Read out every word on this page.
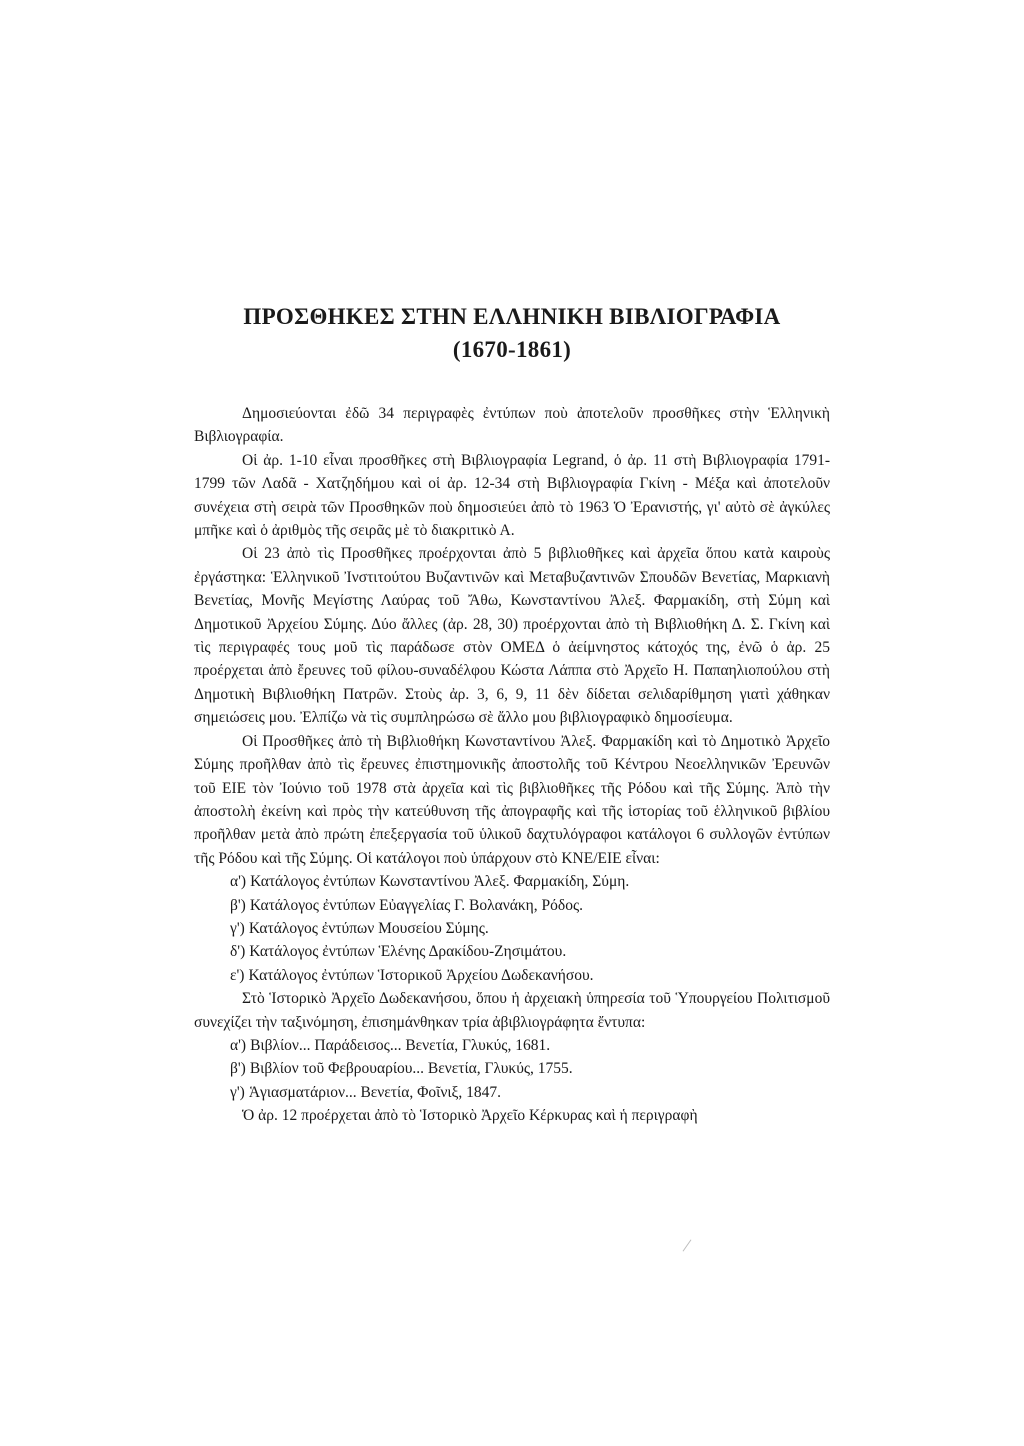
ΠΡΟΣΘΗΚΕΣ ΣΤΗΝ ΕΛΛΗΝΙΚΗ ΒΙΒΛΙΟΓΡΑΦΙΑ
(1670-1861)

Δημοσιεύονται ἐδῶ 34 περιγραφὲς ἐντύπων ποὺ ἀποτελοῦν προσθῆκες στὴν Ἑλληνικὴ Βιβλιογραφία.

Οἱ ἀρ. 1-10 εἶναι προσθῆκες στὴ Βιβλιογραφία Legrand, ὁ ἀρ. 11 στὴ Βιβλιογραφία 1791-1799 τῶν Λαδᾶ - Χατζηδήμου καὶ οἱ ἀρ. 12-34 στὴ Βιβλιογραφία Γκίνη - Μέξα καὶ ἀποτελοῦν συνέχεια στὴ σειρὰ τῶν Προσθηκῶν ποὺ δημοσιεύει ἀπὸ τὸ 1963 Ὁ Ἐρανιστής, γι' αὐτὸ σὲ ἀγκύλες μπῆκε καὶ ὁ ἀριθμὸς τῆς σειρᾶς μὲ τὸ διακριτικὸ Α.

Οἱ 23 ἀπὸ τὶς Προσθῆκες προέρχονται ἀπὸ 5 βιβλιοθῆκες καὶ ἀρχεῖα ὅπου κατὰ καιροὺς ἐργάστηκα: Ἑλληνικοῦ Ἰνστιτούτου Βυζαντινῶν καὶ Μεταβυζαντινῶν Σπουδῶν Βενετίας, Μαρκιανὴ Βενετίας, Μονῆς Μεγίστης Λαύρας τοῦ Ἄθω, Κωνσταντίνου Ἀλεξ. Φαρμακίδη, στὴ Σύμη καὶ Δημοτικοῦ Ἀρχείου Σύμης. Δύο ἄλλες (ἀρ. 28, 30) προέρχονται ἀπὸ τὴ Βιβλιοθήκη Δ. Σ. Γκίνη καὶ τὶς περιγραφές τους μοῦ τὶς παράδωσε στὸν ΟΜΕΔ ὁ ἀείμνηστος κάτοχός της, ἐνῶ ὁ ἀρ. 25 προέρχεται ἀπὸ ἔρευνες τοῦ φίλου-συναδέλφου Κώστα Λάππα στὸ Ἀρχεῖο Η. Παπαηλιοπούλου στὴ Δημοτικὴ Βιβλιοθήκη Πατρῶν. Στοὺς ἀρ. 3, 6, 9, 11 δὲν δίδεται σελιδαρίθμηση γιατὶ χάθηκαν σημειώσεις μου. Ἐλπίζω νὰ τὶς συμπληρώσω σὲ ἄλλο μου βιβλιογραφικὸ δημοσίευμα.

Οἱ Προσθῆκες ἀπὸ τὴ Βιβλιοθήκη Κωνσταντίνου Ἀλεξ. Φαρμακίδη καὶ τὸ Δημοτικὸ Ἀρχεῖο Σύμης προῆλθαν ἀπὸ τὶς ἔρευνες ἐπιστημονικῆς ἀποστολῆς τοῦ Κέντρου Νεοελληνικῶν Ἐρευνῶν τοῦ ΕΙΕ τὸν Ἰούνιο τοῦ 1978 στὰ ἀρχεῖα καὶ τὶς βιβλιοθῆκες τῆς Ρόδου καὶ τῆς Σύμης. Ἀπὸ τὴν ἀποστολὴ ἐκείνη καὶ πρὸς τὴν κατεύθυνση τῆς ἀπογραφῆς καὶ τῆς ἱστορίας τοῦ ἑλληνικοῦ βιβλίου προῆλθαν μετὰ ἀπὸ πρώτη ἐπεξεργασία τοῦ ὑλικοῦ δαχτυλόγραφοι κατάλογοι 6 συλλογῶν ἐντύπων τῆς Ρόδου καὶ τῆς Σύμης. Οἱ κατάλογοι ποὺ ὑπάρχουν στὸ ΚΝΕ/ΕΙΕ εἶναι:

α') Κατάλογος ἐντύπων Κωνσταντίνου Ἀλεξ. Φαρμακίδη, Σύμη.
β') Κατάλογος ἐντύπων Εὐαγγελίας Γ. Βολανάκη, Ρόδος.
γ') Κατάλογος ἐντύπων Μουσείου Σύμης.
δ') Κατάλογος ἐντύπων Ἑλένης Δρακίδου-Ζησιμάτου.
ε') Κατάλογος ἐντύπων Ἱστορικοῦ Ἀρχείου Δωδεκανήσου.

Στὸ Ἱστορικὸ Ἀρχεῖο Δωδεκανήσου, ὅπου ἡ ἀρχειακὴ ὑπηρεσία τοῦ Ὑπουργείου Πολιτισμοῦ συνεχίζει τὴν ταξινόμηση, ἐπισημάνθηκαν τρία ἀβιβλιογράφητα ἔντυπα:

α') Βιβλίον... Παράδεισος... Βενετία, Γλυκύς, 1681.
β') Βιβλίον τοῦ Φεβρουαρίου... Βενετία, Γλυκύς, 1755.
γ') Ἁγιασματάριον... Βενετία, Φοῖνιξ, 1847.

Ὁ ἀρ. 12 προέρχεται ἀπὸ τὸ Ἱστορικὸ Ἀρχεῖο Κέρκυρας καὶ ἡ περιγραφὴ
